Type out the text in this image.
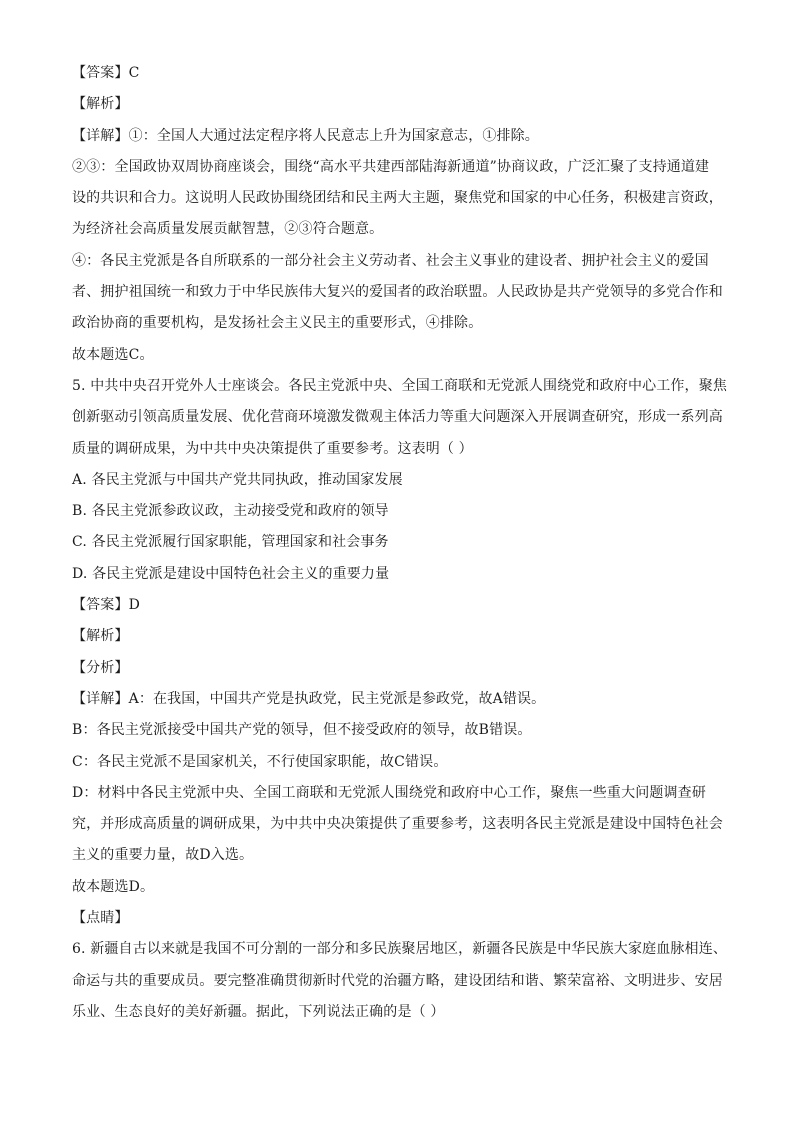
【答案】C
【解析】
【详解】①：全国人大通过法定程序将人民意志上升为国家意志，①排除。
②③：全国政协双周协商座谈会，围绕“高水平共建西部陆海新通道”协商议政，广泛汇聚了支持通道建
设的共识和合力。这说明人民政协围绕团结和民主两大主题，聚焦党和国家的中心任务，积极建言资政，
为经济社会高质量发展贡献智慧，②③符合题意。
④：各民主党派是各自所联系的一部分社会主义劳动者、社会主义事业的建设者、拥护社会主义的爱国
者、拥护祖国统一和致力于中华民族伟大复兴的爱国者的政治联盟。人民政协是共产党领导的多党合作和
政治协商的重要机构，是发扬社会主义民主的重要形式，④排除。
故本题选C。
5. 中共中央召开党外人士座谈会。各民主党派中央、全国工商联和无党派人围绕党和政府中心工作，聚焦
创新驱动引领高质量发展、优化营商环境激发微观主体活力等重大问题深入开展调查研究，形成一系列高
质量的调研成果，为中共中央决策提供了重要参考。这表明（ ）
A. 各民主党派与中国共产党共同执政，推动国家发展
B. 各民主党派参政议政，主动接受党和政府的领导
C. 各民主党派履行国家职能，管理国家和社会事务
D. 各民主党派是建设中国特色社会主义的重要力量
【答案】D
【解析】
【分析】
【详解】A：在我国，中国共产党是执政党，民主党派是参政党，故A错误。
B：各民主党派接受中国共产党的领导，但不接受政府的领导，故B错误。
C：各民主党派不是国家机关，不行使国家职能，故C错误。
D：材料中各民主党派中央、全国工商联和无党派人围绕党和政府中心工作，聚焦一些重大问题调查研
究，并形成高质量的调研成果，为中共中央决策提供了重要参考，这表明各民主党派是建设中国特色社会
主义的重要力量，故D入选。
故本题选D。
【点睛】
6. 新疆自古以来就是我国不可分割的一部分和多民族聚居地区，新疆各民族是中华民族大家庭血脉相连、
命运与共的重要成员。要完整准确贯彻新时代党的治疆方略，建设团结和谐、繁荣富裕、文明进步、安居
乐业、生态良好的美好新疆。据此，下列说法正确的是（ ）
